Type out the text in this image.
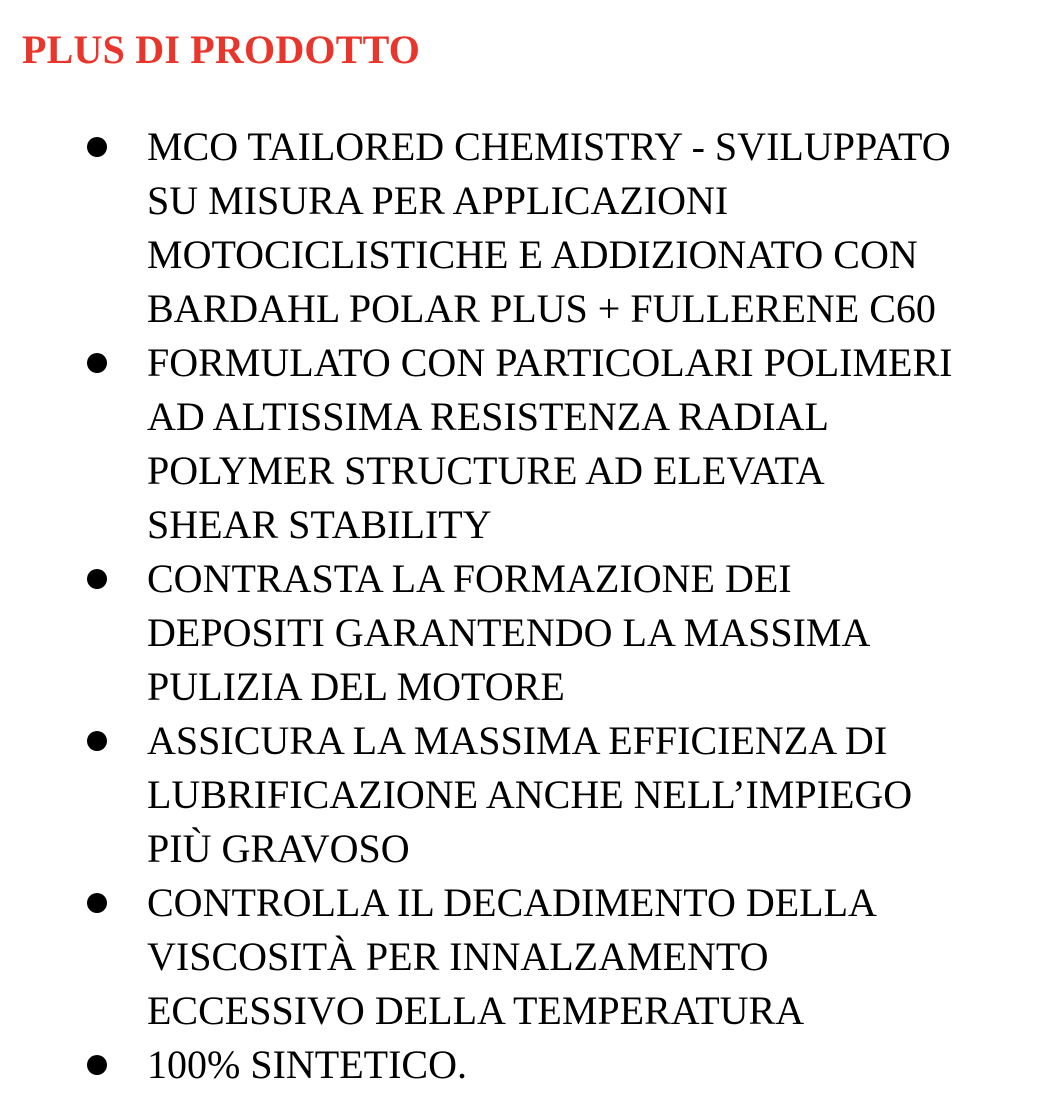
PLUS DI PRODOTTO
MCO TAILORED CHEMISTRY - SVILUPPATO
SU MISURA PER APPLICAZIONI
MOTOCICLISTICHE E ADDIZIONATO CON
BARDAHL POLAR PLUS + FULLERENE C60
FORMULATO CON PARTICOLARI POLIMERI
AD ALTISSIMA RESISTENZA RADIAL
POLYMER STRUCTURE AD ELEVATA
SHEAR STABILITY
CONTRASTA LA FORMAZIONE DEI
DEPOSITI GARANTENDO LA MASSIMA
PULIZIA DEL MOTORE
ASSICURA LA MASSIMA EFFICIENZA DI
LUBRIFICAZIONE ANCHE NELL’IMPIEGO
PIÙ GRAVOSO
CONTROLLA IL DECADIMENTO DELLA
VISCOSITÀ PER INNALZAMENTO
ECCESSIVO DELLA TEMPERATURA
100% SINTETICO.
